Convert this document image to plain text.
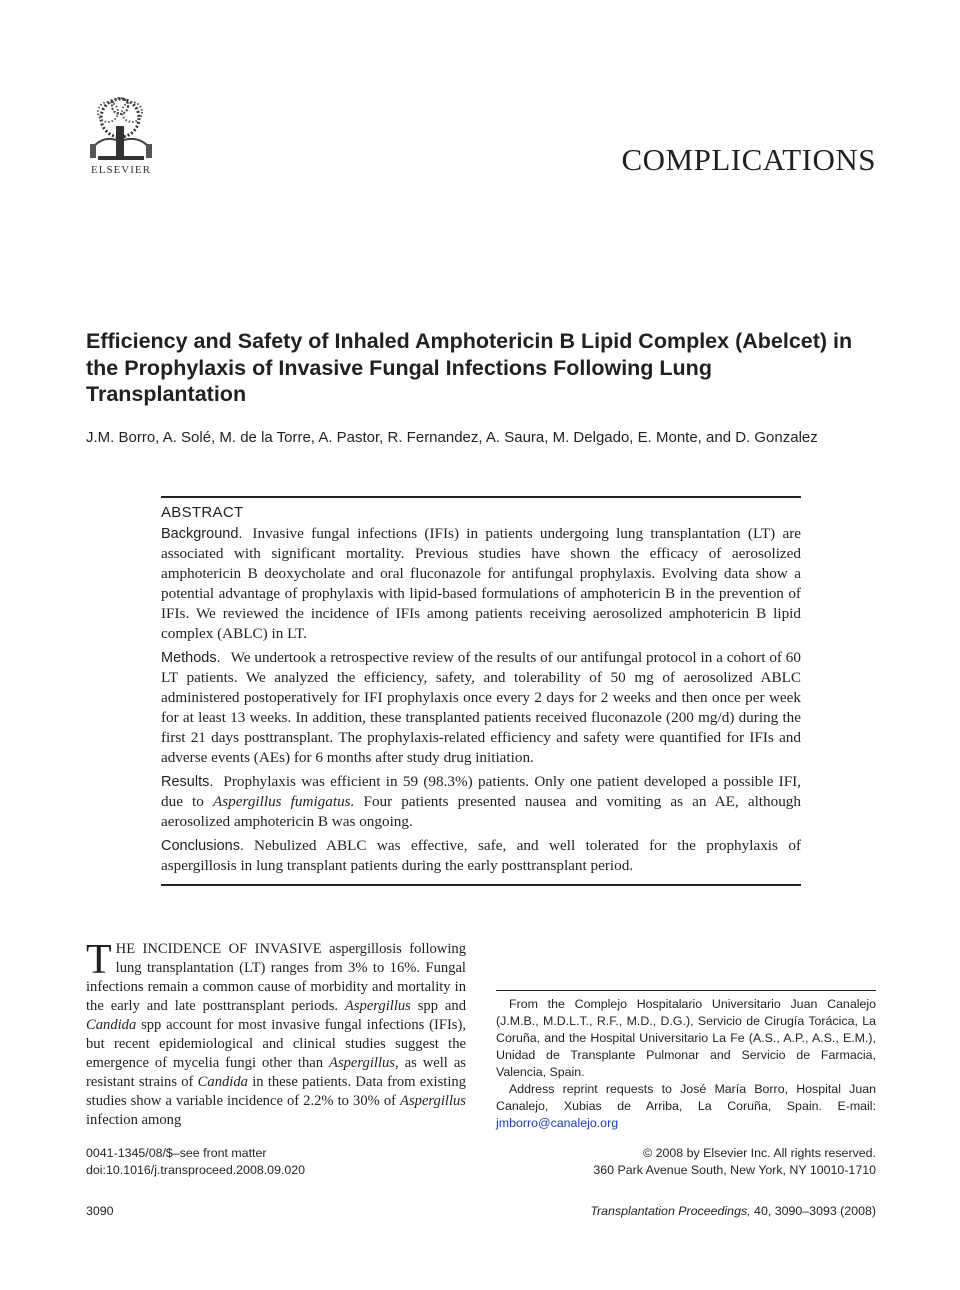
ELSEVIER	COMPLICATIONS
Efficiency and Safety of Inhaled Amphotericin B Lipid Complex (Abelcet) in the Prophylaxis of Invasive Fungal Infections Following Lung Transplantation

J.M. Borro, A. Solé, M. de la Torre, A. Pastor, R. Fernandez, A. Saura, M. Delgado, E. Monte, and D. Gonzalez

ABSTRACT

Background. Invasive fungal infections (IFIs) in patients undergoing lung transplantation (LT) are associated with significant mortality. Previous studies have shown the efficacy of aerosolized amphotericin B deoxycholate and oral fluconazole for antifungal prophylaxis. Evolving data show a potential advantage of prophylaxis with lipid-based formulations of amphotericin B in the prevention of IFIs. We reviewed the incidence of IFIs among patients receiving aerosolized amphotericin B lipid complex (ABLC) in LT.

Methods. We undertook a retrospective review of the results of our antifungal protocol in a cohort of 60 LT patients. We analyzed the efficiency, safety, and tolerability of 50 mg of aerosolized ABLC administered postoperatively for IFI prophylaxis once every 2 days for 2 weeks and then once per week for at least 13 weeks. In addition, these transplanted patients received fluconazole (200 mg/d) during the first 21 days posttransplant. The prophylaxis-related efficiency and safety were quantified for IFIs and adverse events (AEs) for 6 months after study drug initiation.

Results. Prophylaxis was efficient in 59 (98.3%) patients. Only one patient developed a possible IFI, due to Aspergillus fumigatus. Four patients presented nausea and vomiting as an AE, although aerosolized amphotericin B was ongoing.

Conclusions. Nebulized ABLC was effective, safe, and well tolerated for the prophylaxis of aspergillosis in lung transplant patients during the early posttransplant period.

THE INCIDENCE OF INVASIVE aspergillosis following lung transplantation (LT) ranges from 3% to 16%. Fungal infections remain a common cause of morbidity and mortality in the early and late posttransplant periods. Aspergillus spp and Candida spp account for most invasive fungal infections (IFIs), but recent epidemiological and clinical studies suggest the emergence of mycelia fungi other than Aspergillus, as well as resistant strains of Candida in these patients. Data from existing studies show a variable incidence of 2.2% to 30% of Aspergillus infection among

From the Complejo Hospitalario Universitario Juan Canalejo (J.M.B., M.D.L.T., R.F., M.D., D.G.), Servicio de Cirugía Torácica, La Coruña, and the Hospital Universitario La Fe (A.S., A.P., A.S., E.M.), Unidad de Transplante Pulmonar and Servicio de Farmacia, Valencia, Spain.

Address reprint requests to José María Borro, Hospital Juan Canalejo, Xubias de Arriba, La Coruña, Spain. E-mail: jmborro@canalejo.org

0041-1345/08/$–see front matter
doi:10.1016/j.transproceed.2008.09.020
© 2008 by Elsevier Inc. All rights reserved.
360 Park Avenue South, New York, NY 10010-1710
3090	Transplantation Proceedings, 40, 3090–3093 (2008)
